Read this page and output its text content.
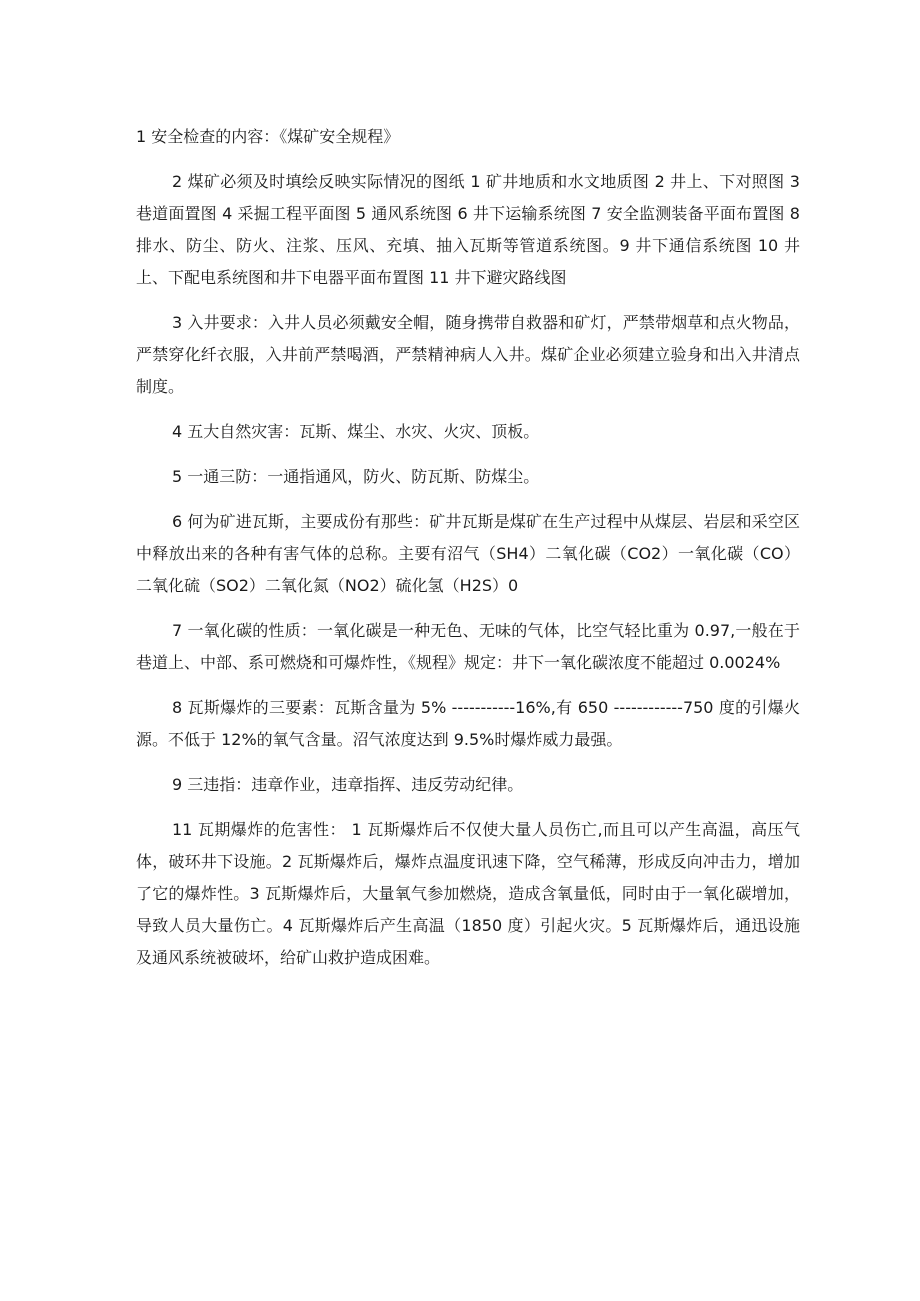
1 安全检查的内容：《煤矿安全规程》

2 煤矿必须及时填绘反映实际情况的图纸 1 矿井地质和水文地质图 2 井上、下对照图 3 巷道面置图 4 采掘工程平面图 5 通风系统图 6 井下运输系统图 7 安全监测装备平面布置图 8 排水、防尘、防火、注浆、压风、充填、抽入瓦斯等管道系统图。9 井下通信系统图 10 井上、下配电系统图和井下电器平面布置图 11 井下避灾路线图

3 入井要求：入井人员必须戴安全帽，随身携带自救器和矿灯，严禁带烟草和点火物品，严禁穿化纤衣服，入井前严禁喝酒，严禁精神病人入井。煤矿企业必须建立验身和出入井清点制度。

4 五大自然灾害：瓦斯、煤尘、水灾、火灾、顶板。

5 一通三防：一通指通风，防火、防瓦斯、防煤尘。

6 何为矿进瓦斯，主要成份有那些：矿井瓦斯是煤矿在生产过程中从煤层、岩层和采空区中释放出来的各种有害气体的总称。主要有沼气（SH4）二氧化碳（CO2）一氧化碳（CO）二氧化硫（SO2）二氧化氮（NO2）硫化氢（H2S）0

7 一氧化碳的性质：一氧化碳是一种无色、无味的气体，比空气轻比重为 0.97,一般在于巷道上、中部、系可燃烧和可爆炸性，《规程》规定：井下一氧化碳浓度不能超过 0.0024%

8 瓦斯爆炸的三要素：瓦斯含量为 5% -----------16%,有 650 ------------750 度的引爆火源。不低于 12%的氧气含量。沼气浓度达到 9.5%时爆炸威力最强。

9 三违指：违章作业，违章指挥、违反劳动纪律。

11 瓦期爆炸的危害性： 1 瓦斯爆炸后不仅使大量人员伤亡,而且可以产生高温，高压气体，破环井下设施。2 瓦斯爆炸后，爆炸点温度讯速下降，空气稀薄，形成反向冲击力，增加了它的爆炸性。3 瓦斯爆炸后，大量氧气参加燃烧，造成含氧量低，同时由于一氧化碳增加，导致人员大量伤亡。4 瓦斯爆炸后产生高温（1850 度）引起火灾。5 瓦斯爆炸后，通迅设施及通风系统被破坏，给矿山救护造成困难。
